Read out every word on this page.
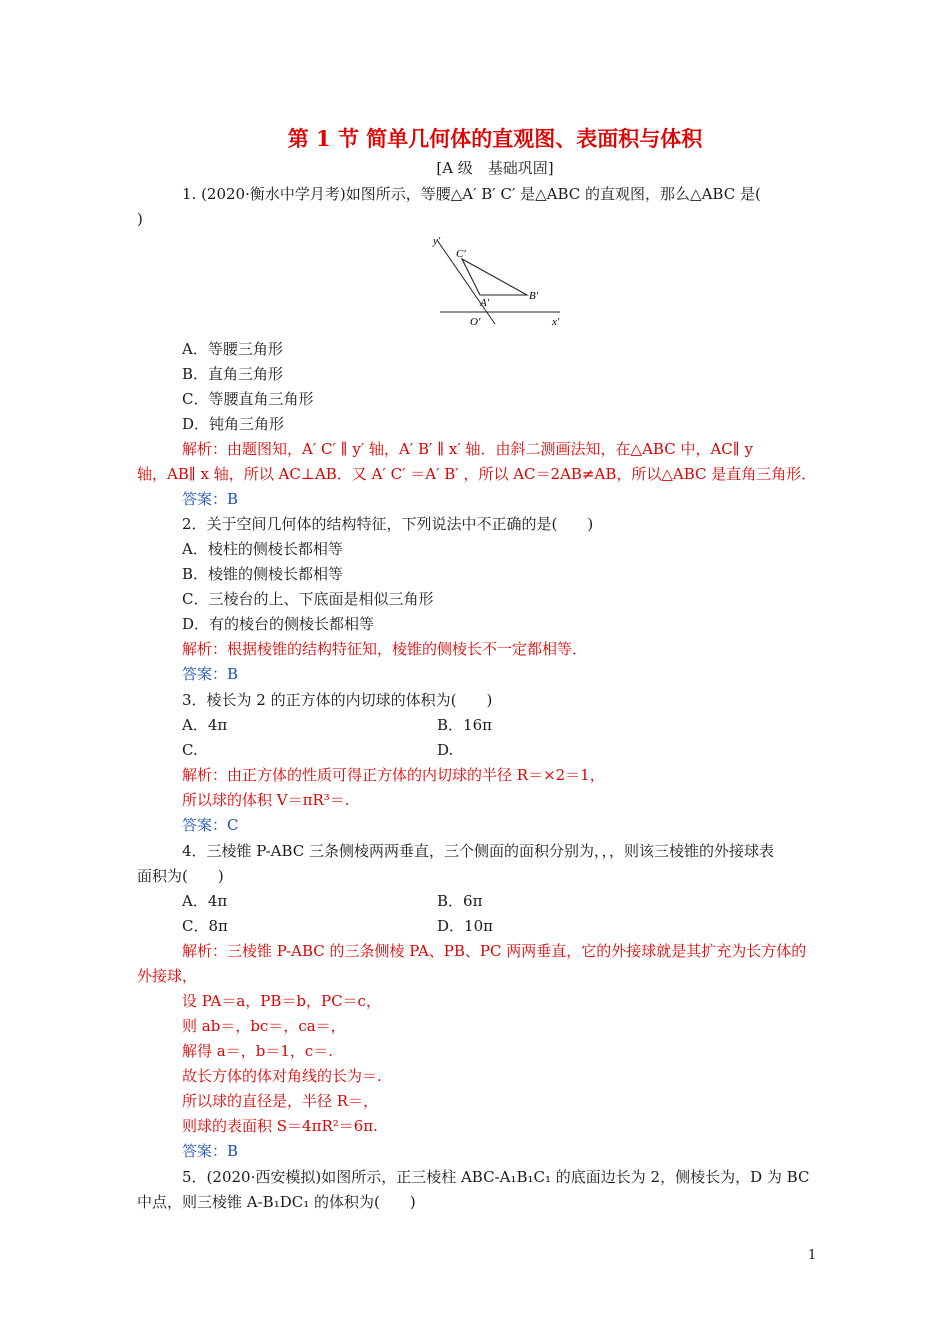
第 1 节 简单几何体的直观图、表面积与体积
[A 级　基础巩固]
1. (2020·衡水中学月考)如图所示，等腰△A′ B′ C′ 是△ABC 的直观图，那么△ABC 是(
)
y′
C′
B′
A′
O′	x′
A．等腰三角形
B．直角三角形
C．等腰直角三角形
D．钝角三角形
解析：由题图知，A′ C′ ∥ y′ 轴，A′ B′ ∥ x′ 轴．由斜二测画法知，在△ABC 中，AC∥ y
轴，AB∥ x 轴，所以 AC⊥AB．又 A′ C′ ＝A′ B′ ，所以 AC＝2AB≠AB，所以△ABC 是直角三角形．
答案：B
2．关于空间几何体的结构特征，下列说法中不正确的是(　　)
A．棱柱的侧棱长都相等
B．棱锥的侧棱长都相等
C．三棱台的上、下底面是相似三角形
D．有的棱台的侧棱长都相等
解析：根据棱锥的结构特征知，棱锥的侧棱长不一定都相等．
答案：B
3．棱长为 2 的正方体的内切球的体积为(　　)
A．4π	B．16π
C.	D.
解析：由正方体的性质可得正方体的内切球的半径 R＝×2＝1，
所以球的体积 V＝πR³＝.
答案：C
4．三棱锥 P-ABC 三条侧棱两两垂直，三个侧面的面积分别为，，，则该三棱锥的外接球表
面积为(　　)
A．4π	B．6π
C．8π	D．10π
解析：三棱锥 P-ABC 的三条侧棱 PA、PB、PC 两两垂直，它的外接球就是其扩充为长方体的
外接球，
设 PA＝a，PB＝b，PC＝c，
则 ab＝，bc＝，ca＝，
解得 a＝，b＝1，c＝.
故长方体的体对角线的长为＝.
所以球的直径是，半径 R＝，
则球的表面积 S＝4πR²＝6π.
答案：B
5．(2020·西安模拟)如图所示，正三棱柱 ABC-A₁B₁C₁ 的底面边长为 2，侧棱长为，D 为 BC
中点，则三棱锥 A-B₁DC₁ 的体积为(　　)
1
